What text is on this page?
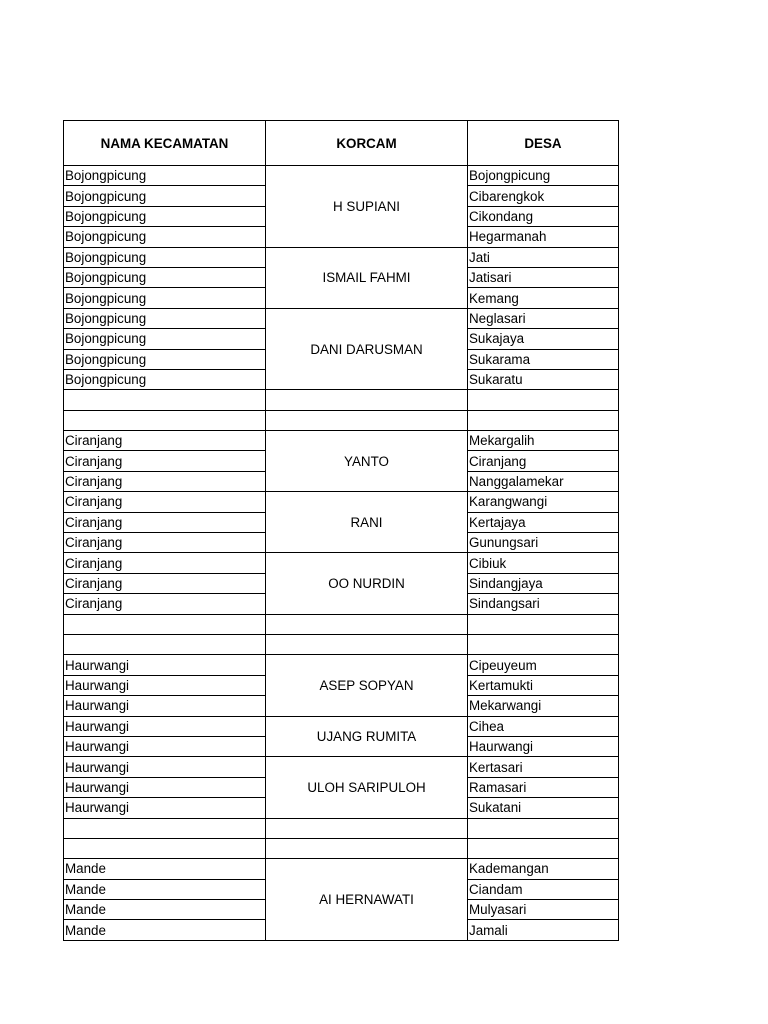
NAMA KECAMATAN	KORCAM	DESA
Bojongpicung	H SUPIANI	Bojongpicung
Bojongpicung		Cibarengkok
Bojongpicung		Cikondang
Bojongpicung		Hegarmanah
Bojongpicung	ISMAIL FAHMI	Jati
Bojongpicung		Jatisari
Bojongpicung		Kemang
Bojongpicung	DANI DARUSMAN	Neglasari
Bojongpicung		Sukajaya
Bojongpicung		Sukarama
Bojongpicung		Sukaratu

Ciranjang	YANTO	Mekargalih
Ciranjang		Ciranjang
Ciranjang		Nanggalamekar
Ciranjang	RANI	Karangwangi
Ciranjang		Kertajaya
Ciranjang		Gunungsari
Ciranjang	OO NURDIN	Cibiuk
Ciranjang		Sindangjaya
Ciranjang		Sindangsari

Haurwangi	ASEP SOPYAN	Cipeuyeum
Haurwangi		Kertamukti
Haurwangi		Mekarwangi
Haurwangi	UJANG RUMITA	Cihea
Haurwangi		Haurwangi
Haurwangi	ULOH SARIPULOH	Kertasari
Haurwangi		Ramasari
Haurwangi		Sukatani

Mande	AI HERNAWATI	Kademangan
Mande		Ciandam
Mande		Mulyasari
Mande		Jamali
